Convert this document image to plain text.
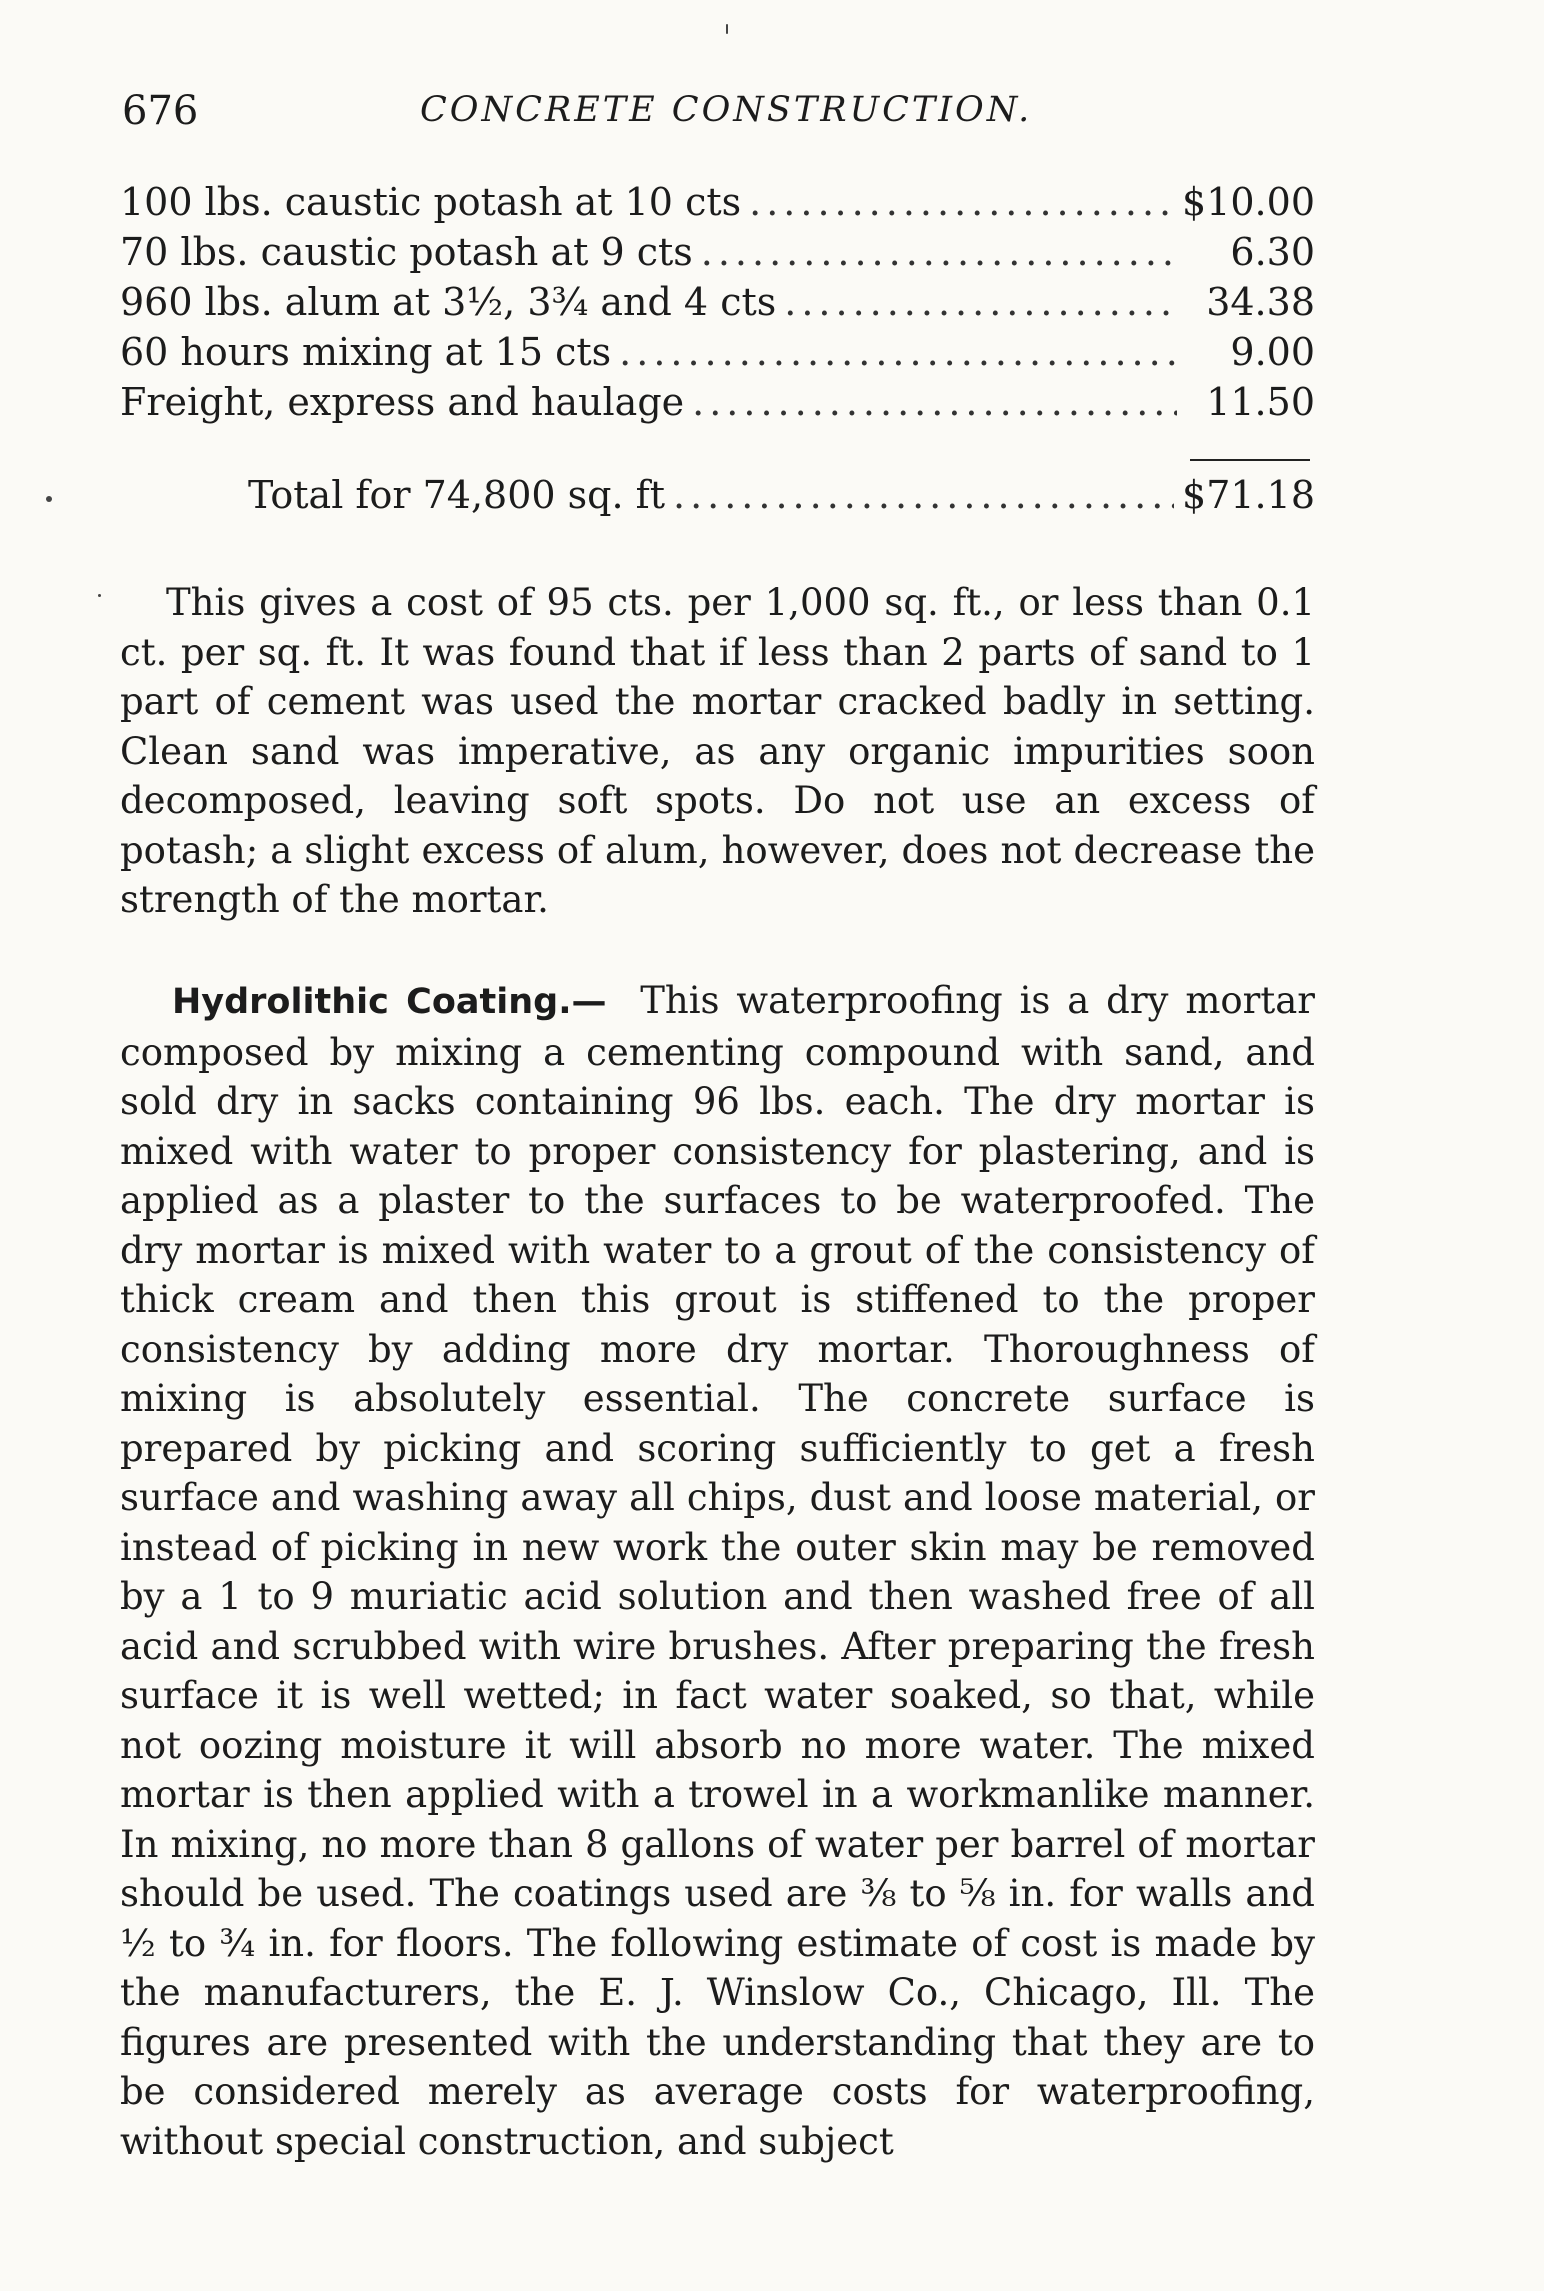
676	CONCRETE CONSTRUCTION.
100 lbs. caustic potash at 10 cts .....	$10.00
70 lbs. caustic potash at 9 cts .....	6.30
960 lbs. alum at 3½, 3¾ and 4 cts .....	34.38
60 hours mixing at 15 cts .....	9.00
Freight, express and haulage .....	11.50
Total for 74,800 sq. ft .....	$71.18

This gives a cost of 95 cts. per 1,000 sq. ft., or less than 0.1 ct. per sq. ft. It was found that if less than 2 parts of sand to 1 part of cement was used the mortar cracked badly in setting. Clean sand was imperative, as any organic impurities soon decomposed, leaving soft spots. Do not use an excess of potash; a slight excess of alum, however, does not decrease the strength of the mortar.

Hydrolithic Coating.— This waterproofing is a dry mortar composed by mixing a cementing compound with sand, and sold dry in sacks containing 96 lbs. each. The dry mortar is mixed with water to proper consistency for plastering, and is applied as a plaster to the surfaces to be waterproofed. The dry mortar is mixed with water to a grout of the consistency of thick cream and then this grout is stiffened to the proper consistency by adding more dry mortar. Thoroughness of mixing is absolutely essential. The concrete surface is prepared by picking and scoring sufficiently to get a fresh surface and washing away all chips, dust and loose material, or instead of picking in new work the outer skin may be removed by a 1 to 9 muriatic acid solution and then washed free of all acid and scrubbed with wire brushes. After preparing the fresh surface it is well wetted; in fact water soaked, so that, while not oozing moisture it will absorb no more water. The mixed mortar is then applied with a trowel in a workmanlike manner. In mixing, no more than 8 gallons of water per barrel of mortar should be used. The coatings used are ⅜ to ⅝ in. for walls and ½ to ¾ in. for floors. The following estimate of cost is made by the manufacturers, the E. J. Winslow Co., Chicago, Ill. The figures are presented with the understanding that they are to be considered merely as average costs for waterproofing, without special construction, and subject
